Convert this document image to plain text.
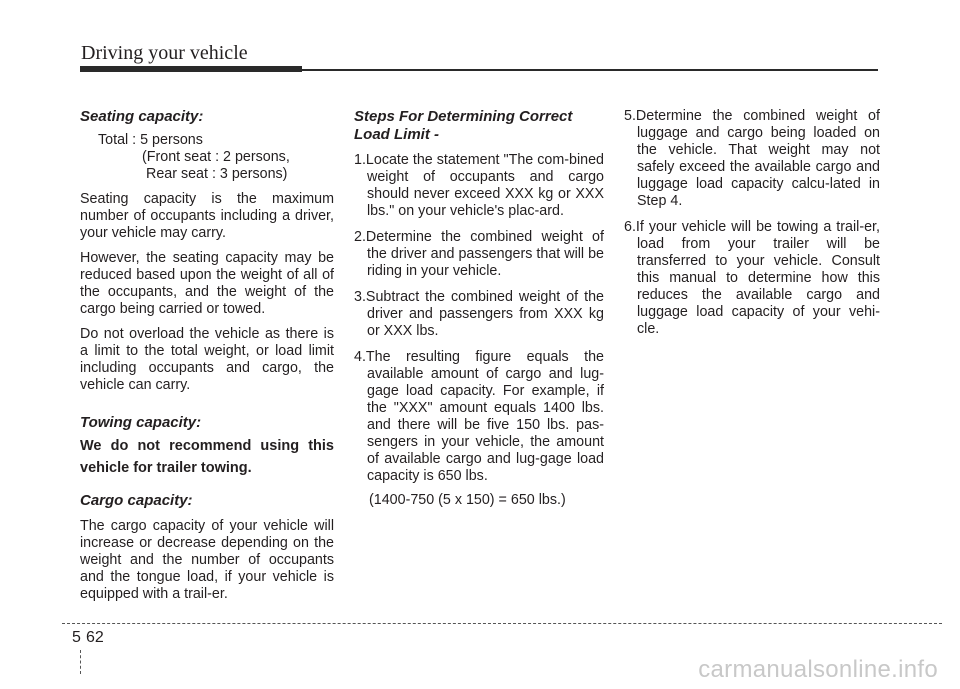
Driving your vehicle

Seating capacity:

Total : 5 persons

(Front seat : 2 persons,

Rear seat : 3 persons)

Seating capacity is the maximum number of occupants including a driver, your vehicle may carry.

However, the seating capacity may be reduced based upon the weight of all of the occupants, and the weight of the cargo being carried or towed.

Do not overload the vehicle as there is a limit to the total weight, or load limit including occupants and cargo, the vehicle can carry.

Towing capacity:

We do not recommend using this vehicle for trailer towing.

Cargo capacity:

The cargo capacity of your vehicle will increase or decrease depending on the weight and the number of occupants and the tongue load, if your vehicle is equipped with a trail-er.

Steps For Determining Correct

Load Limit -

1.Locate the statement "The com-bined weight of occupants and cargo should never exceed XXX kg or XXX lbs." on your vehicle's plac-ard.
2.Determine the combined weight of the driver and passengers that will be riding in your vehicle.
3.Subtract the combined weight of the driver and passengers from XXX kg or XXX lbs.
4.The resulting figure equals the available amount of cargo and lug-gage load capacity. For example, if the "XXX" amount equals 1400 lbs. and there will be five 150 lbs. pas-sengers in your vehicle, the amount of available cargo and lug-gage load capacity is 650 lbs.

(1400-750 (5 x 150) = 650 lbs.)

5.Determine the combined weight of luggage and cargo being loaded on the vehicle. That weight may not safely exceed the available cargo and luggage load capacity calcu-lated in Step 4.
6.If your vehicle will be towing a trail-er, load from your trailer will be transferred to your vehicle. Consult this manual to determine how this reduces the available cargo and luggage load capacity of your vehi-cle.
5 62
carmanualsonline.info
